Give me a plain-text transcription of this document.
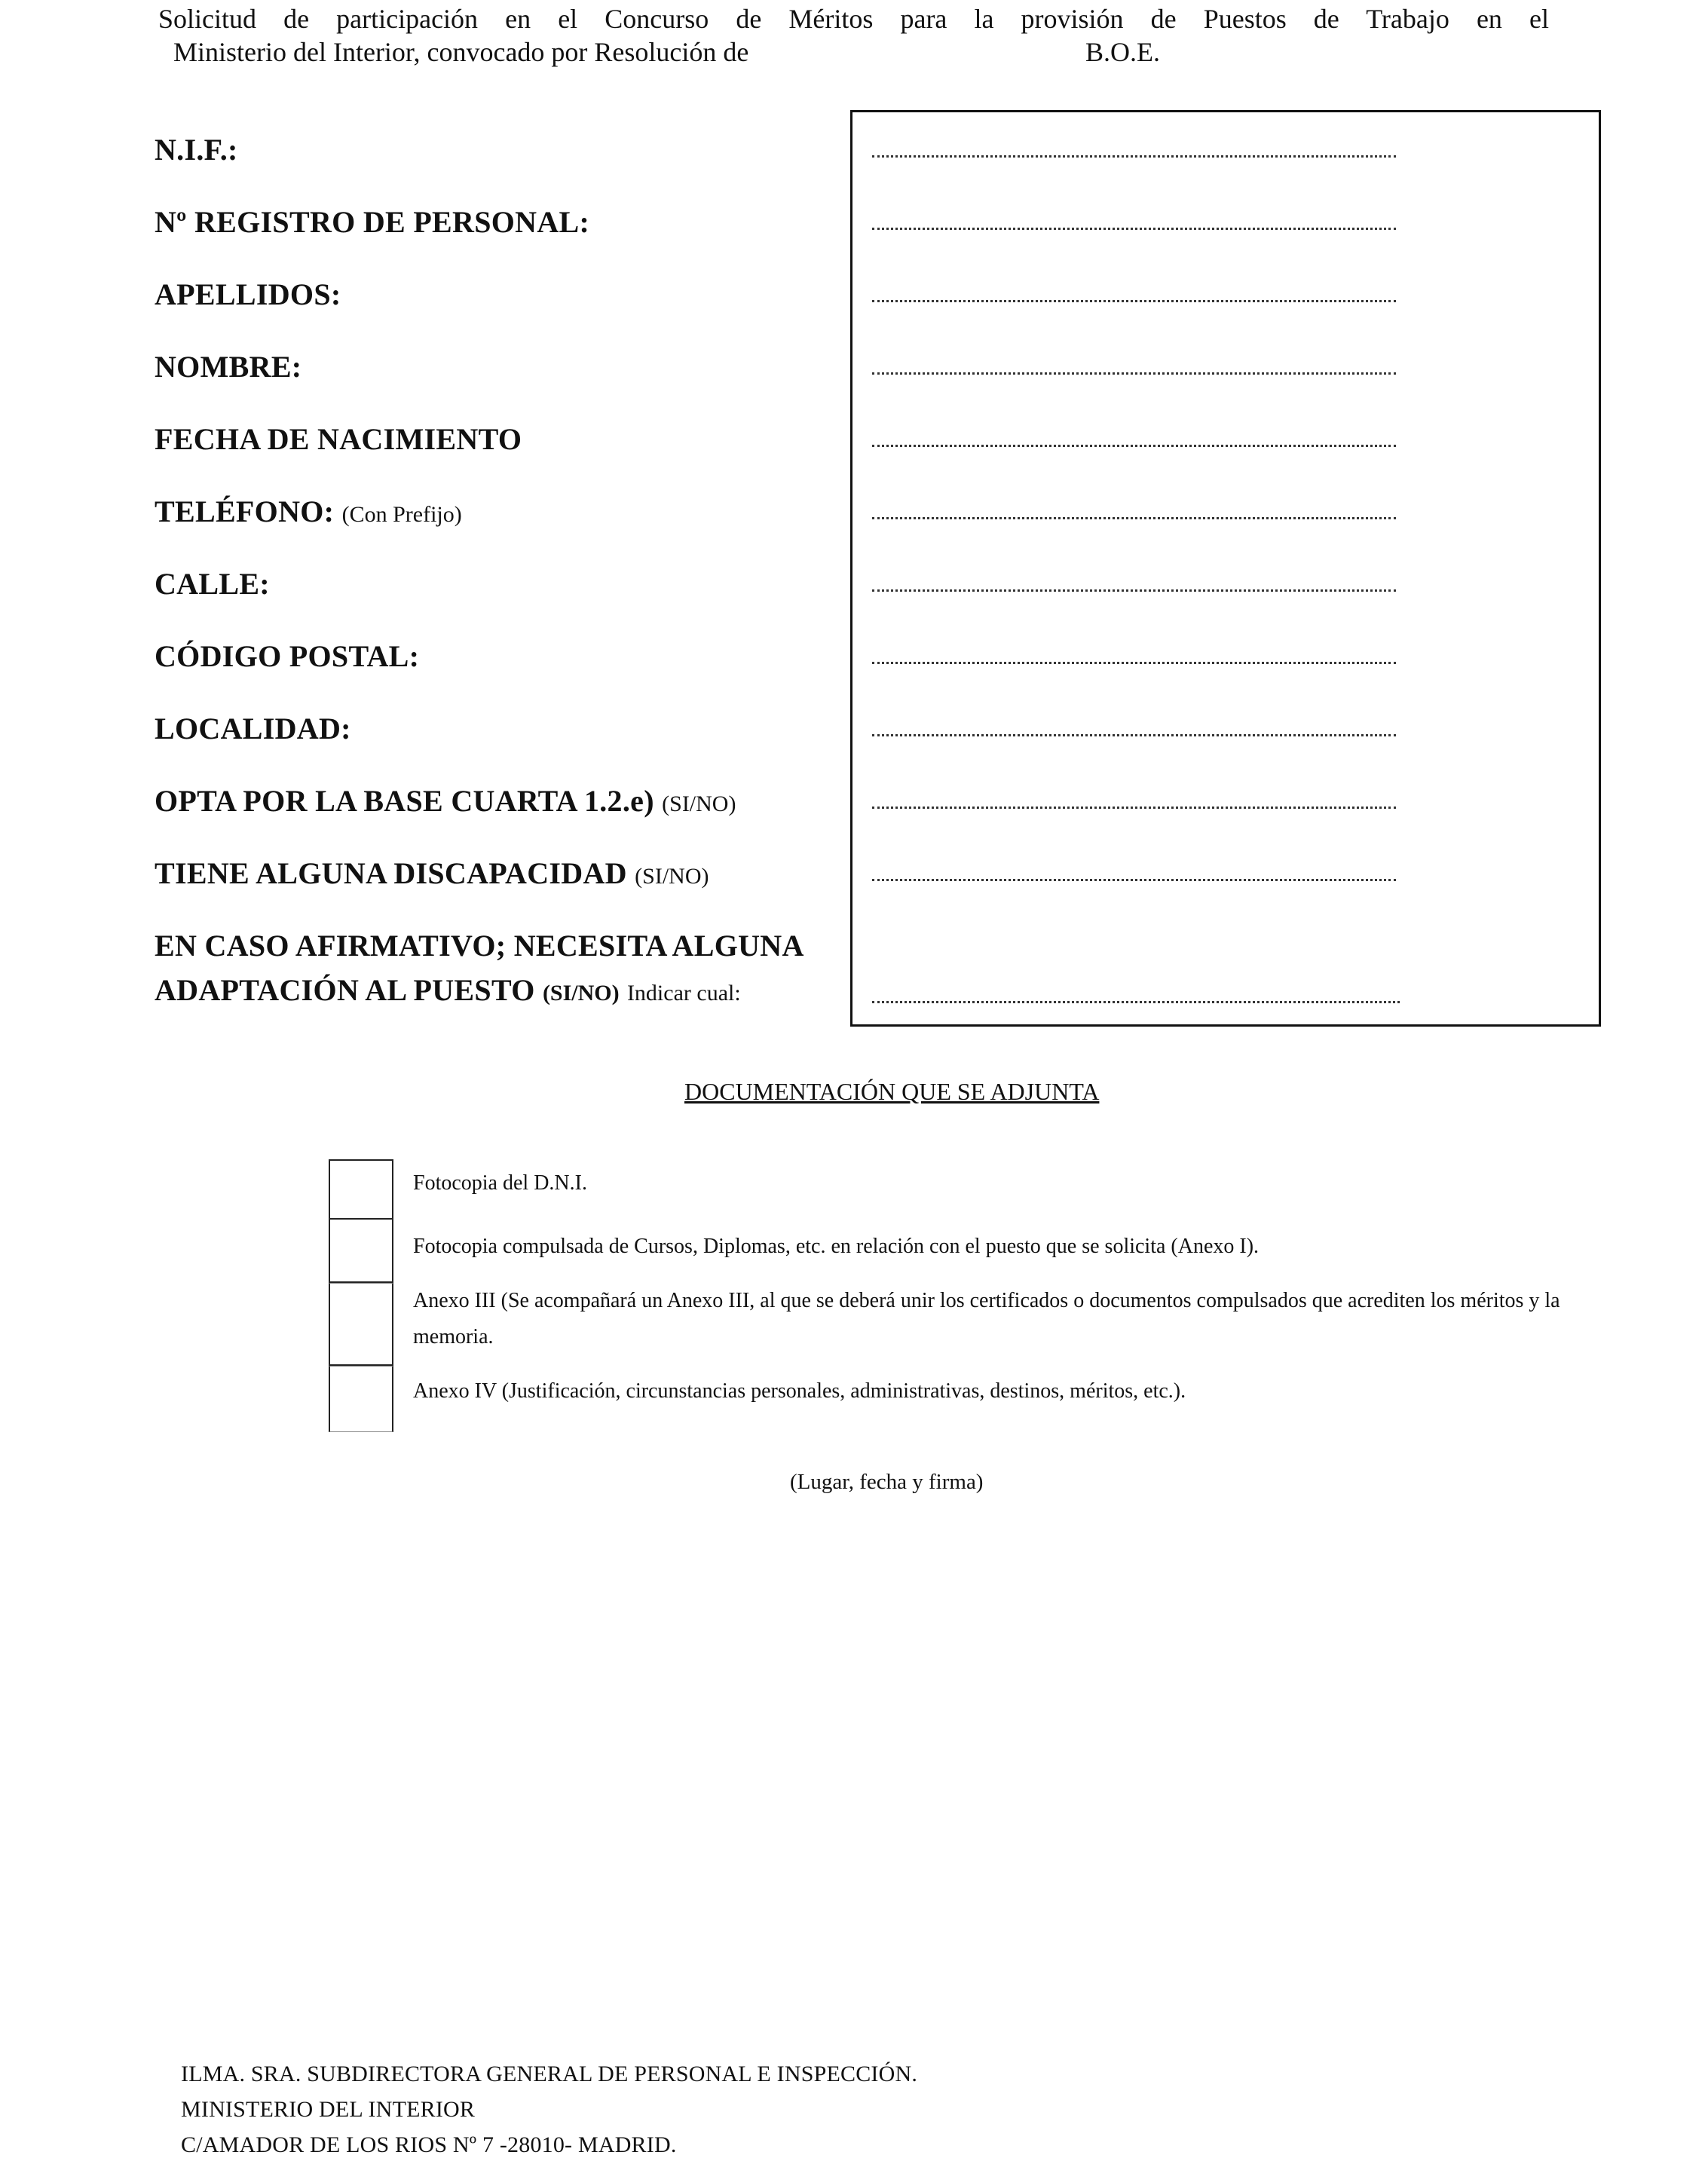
Solicitud de participación en el Concurso de Méritos para la provisión de Puestos de Trabajo en el
Ministerio del Interior, convocado por Resolución de	B.O.E.
N.I.F.:
Nº REGISTRO DE PERSONAL:
APELLIDOS:
NOMBRE:
FECHA DE NACIMIENTO
TELÉFONO: (Con Prefijo)
CALLE:
CÓDIGO POSTAL:
LOCALIDAD:
OPTA POR LA BASE CUARTA 1.2.e) (SI/NO)
TIENE ALGUNA DISCAPACIDAD (SI/NO)
EN CASO AFIRMATIVO; NECESITA ALGUNA
ADAPTACIÓN AL PUESTO (SI/NO) Indicar cual:
DOCUMENTACIÓN QUE SE ADJUNTA
Fotocopia del D.N.I.
Fotocopia compulsada de Cursos, Diplomas, etc. en relación con el puesto que se solicita (Anexo I).
Anexo III (Se acompañará un Anexo III, al que se deberá unir los certificados o documentos compulsados que acrediten los méritos y la memoria.
Anexo IV (Justificación, circunstancias personales, administrativas, destinos, méritos, etc.).
(Lugar, fecha y firma)
ILMA. SRA. SUBDIRECTORA GENERAL DE PERSONAL E INSPECCIÓN.
MINISTERIO DEL INTERIOR
C/AMADOR DE LOS RIOS Nº 7 -28010- MADRID.
